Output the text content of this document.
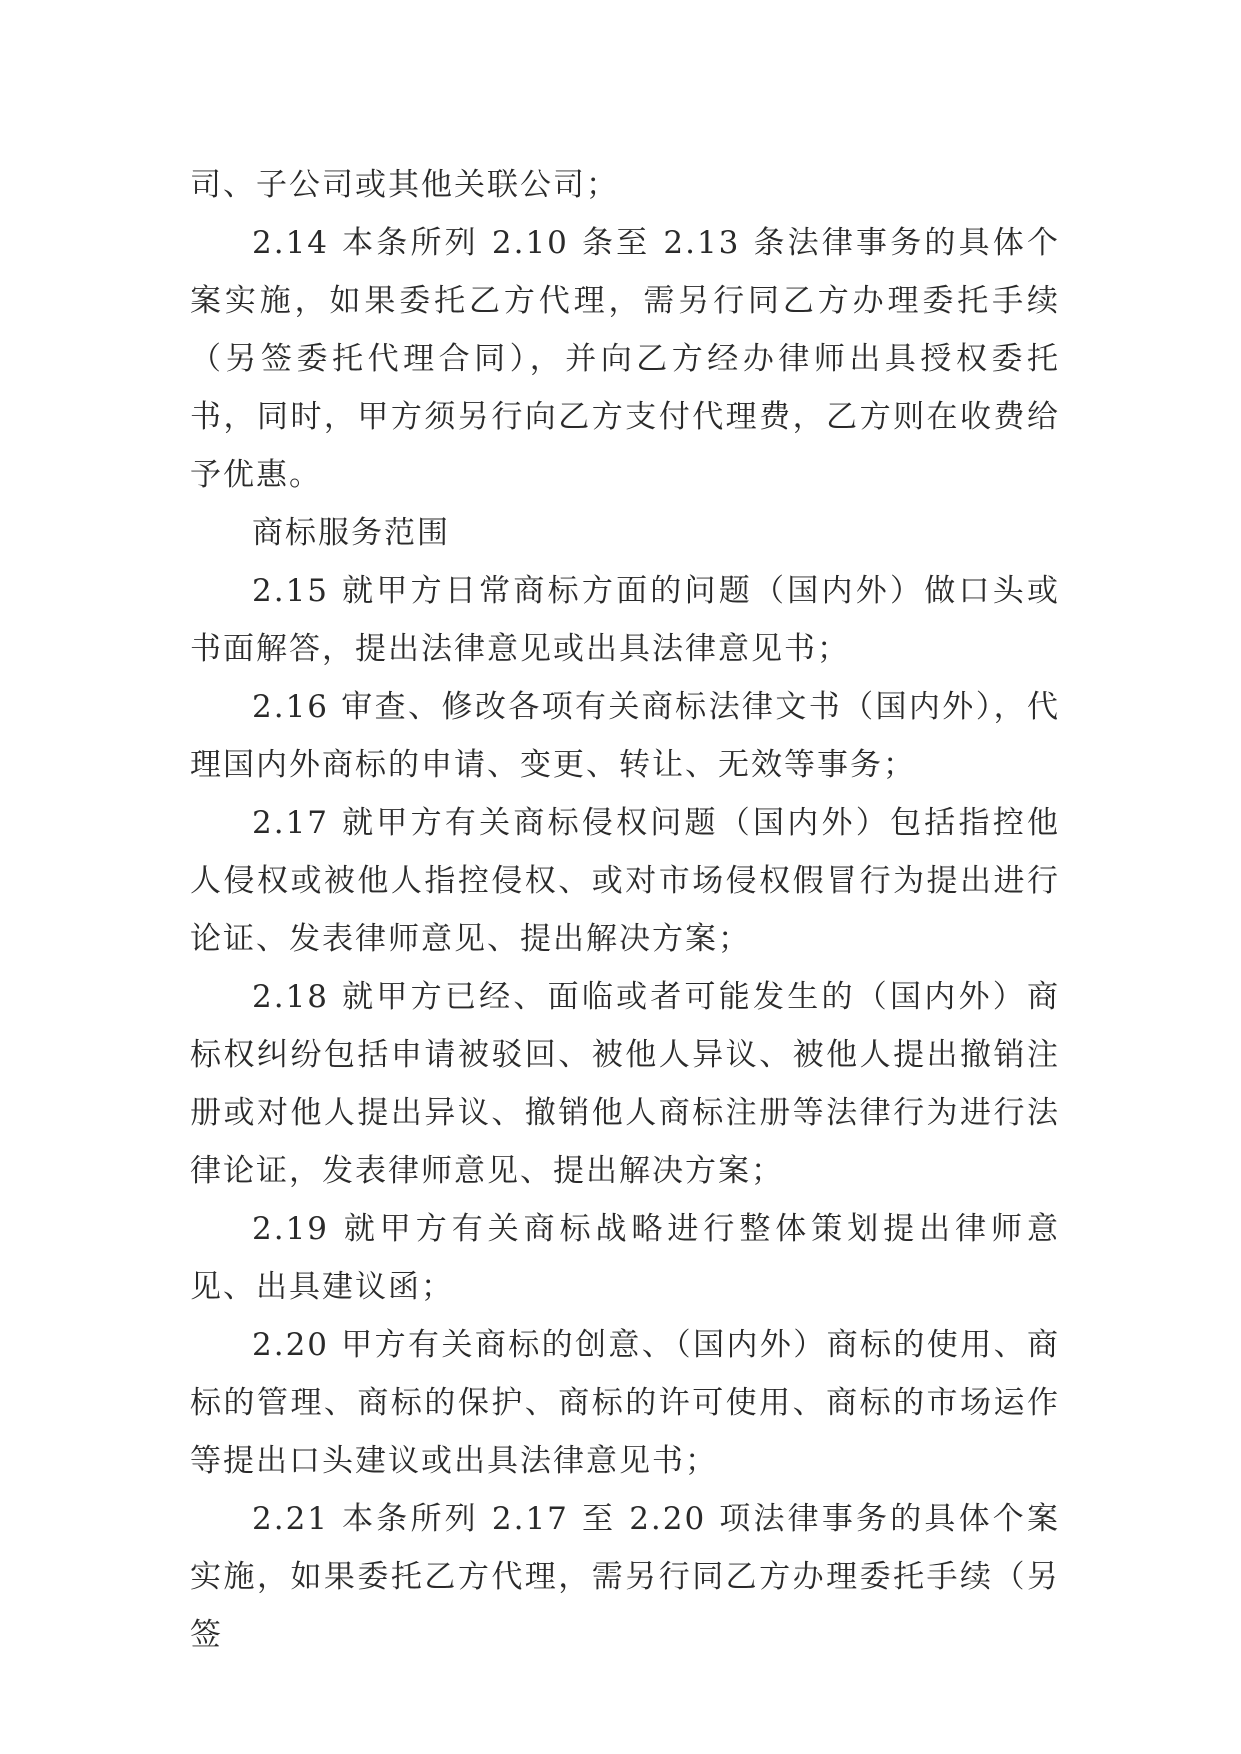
司、子公司或其他关联公司；

2.14 本条所列 2.10 条至 2.13 条法律事务的具体个案实施，如果委托乙方代理，需另行同乙方办理委托手续（另签委托代理合同），并向乙方经办律师出具授权委托书，同时，甲方须另行向乙方支付代理费，乙方则在收费给予优惠。

商标服务范围

2.15 就甲方日常商标方面的问题（国内外）做口头或书面解答，提出法律意见或出具法律意见书；

2.16 审查、修改各项有关商标法律文书（国内外），代理国内外商标的申请、变更、转让、无效等事务；

2.17 就甲方有关商标侵权问题（国内外）包括指控他人侵权或被他人指控侵权、或对市场侵权假冒行为提出进行论证、发表律师意见、提出解决方案；

2.18 就甲方已经、面临或者可能发生的（国内外）商标权纠纷包括申请被驳回、被他人异议、被他人提出撤销注册或对他人提出异议、撤销他人商标注册等法律行为进行法律论证，发表律师意见、提出解决方案；

2.19 就甲方有关商标战略进行整体策划提出律师意见、出具建议函；

2.20 甲方有关商标的创意、（国内外）商标的使用、商标的管理、商标的保护、商标的许可使用、商标的市场运作等提出口头建议或出具法律意见书；

2.21 本条所列 2.17 至 2.20 项法律事务的具体个案实施，如果委托乙方代理，需另行同乙方办理委托手续（另签
